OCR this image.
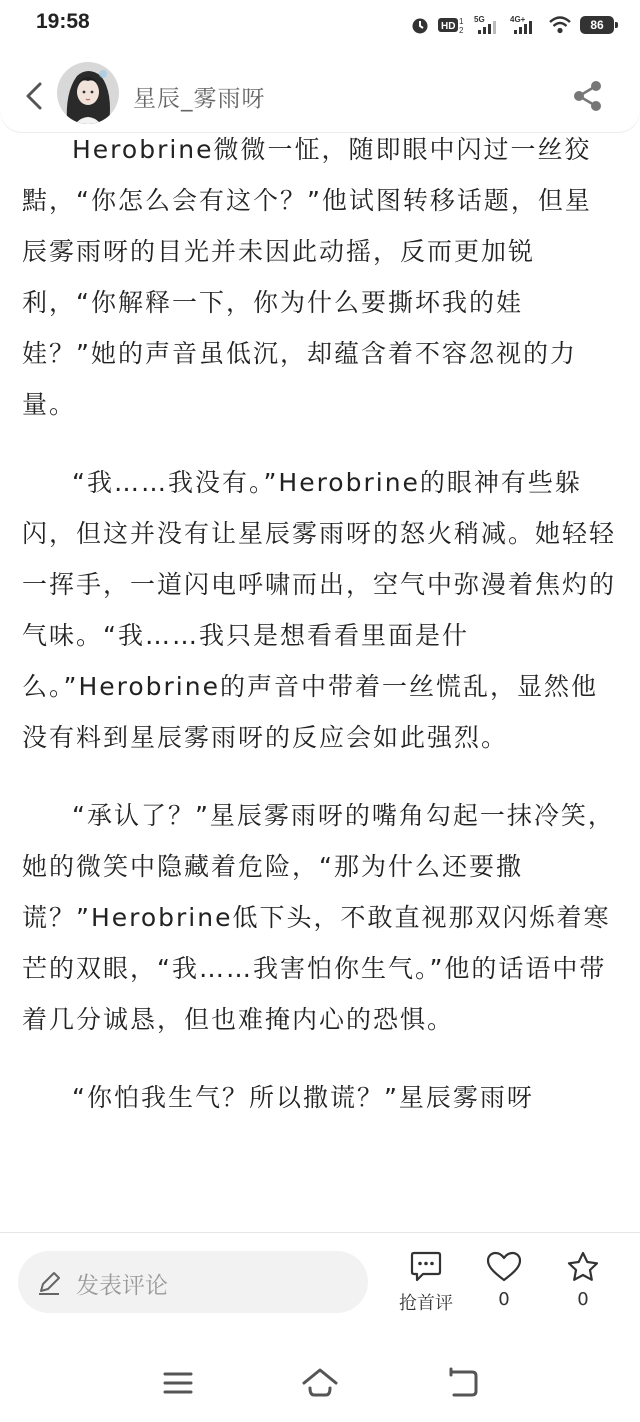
19:58	HD 1
2
5G	4G+	86
星辰_雾雨呀

Herobrine微微一怔，随即眼中闪过一丝狡黠，“你怎么会有这个？”他试图转移话题，但星辰雾雨呀的目光并未因此动摇，反而更加锐利，“你解释一下，你为什么要撕坏我的娃娃？”她的声音虽低沉，却蕴含着不容忽视的力量。

“我……我没有。”Herobrine的眼神有些躲闪，但这并没有让星辰雾雨呀的怒火稍减。她轻轻一挥手，一道闪电呼啸而出，空气中弥漫着焦灼的气味。“我……我只是想看看里面是什么。”Herobrine的声音中带着一丝慌乱，显然他没有料到星辰雾雨呀的反应会如此强烈。

“承认了？”星辰雾雨呀的嘴角勾起一抹冷笑，她的微笑中隐藏着危险，“那为什么还要撒谎？”Herobrine低下头，不敢直视那双闪烁着寒芒的双眼，“我……我害怕你生气。”他的话语中带着几分诚恳，但也难掩内心的恐惧。

“你怕我生气？所以撒谎？”星辰雾雨呀

发表评论
抢首评	0	0
